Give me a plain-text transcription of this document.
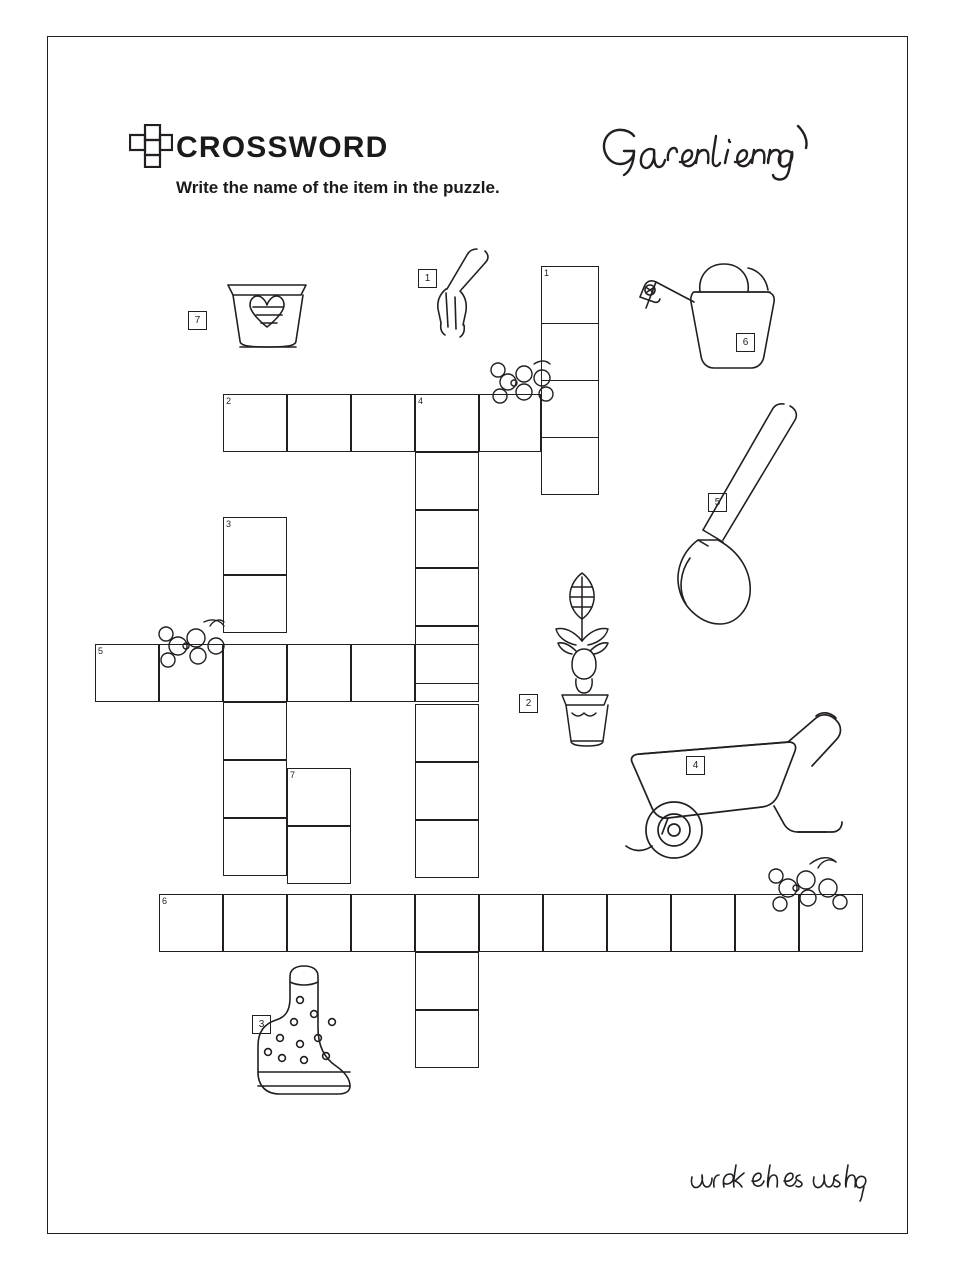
CROSSWORD
Write the name of the item in the puzzle.
1
2	4
3
5
7
6
7
1
6
5
2
4
3
